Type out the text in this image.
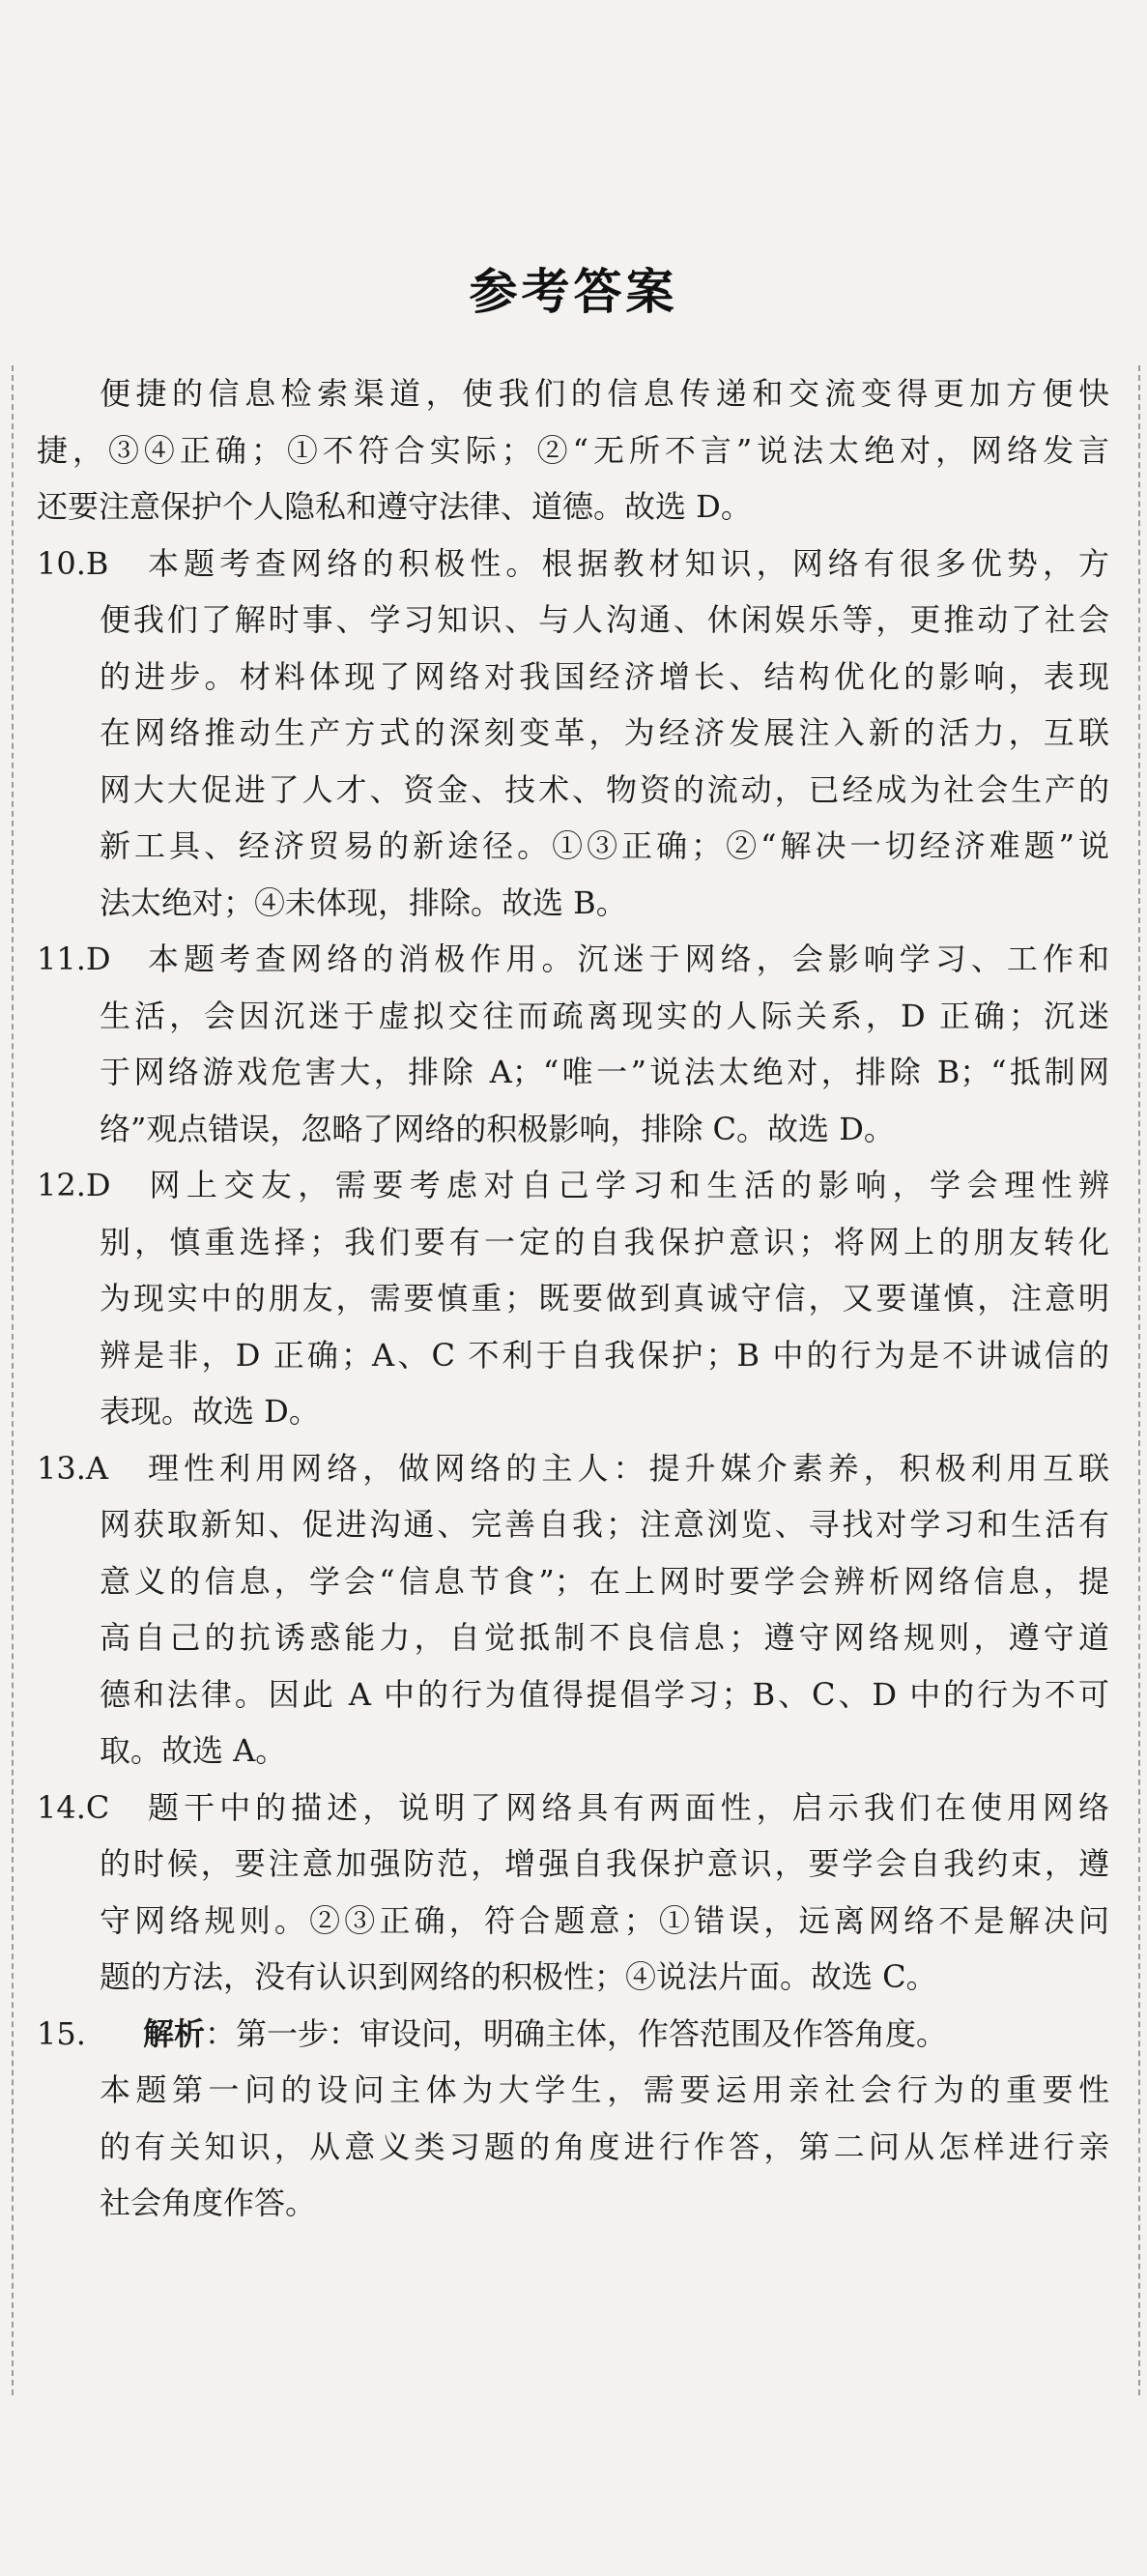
参考答案
便捷的信息检索渠道，使我们的信息传递和交流变得更加方便快
捷，③④正确；①不符合实际；②“无所不言”说法太绝对，网络发言
还要注意保护个人隐私和遵守法律、道德。故选 D。
10.B 本题考查网络的积极性。根据教材知识，网络有很多优势，方
便我们了解时事、学习知识、与人沟通、休闲娱乐等，更推动了社会
的进步。材料体现了网络对我国经济增长、结构优化的影响，表现
在网络推动生产方式的深刻变革，为经济发展注入新的活力，互联
网大大促进了人才、资金、技术、物资的流动，已经成为社会生产的
新工具、经济贸易的新途径。①③正确；②“解决一切经济难题”说
法太绝对；④未体现，排除。故选 B。
11.D 本题考查网络的消极作用。沉迷于网络，会影响学习、工作和
生活，会因沉迷于虚拟交往而疏离现实的人际关系，D 正确；沉迷
于网络游戏危害大，排除 A；“唯一”说法太绝对，排除 B；“抵制网
络”观点错误，忽略了网络的积极影响，排除 C。故选 D。
12.D 网上交友，需要考虑对自己学习和生活的影响，学会理性辨
别，慎重选择；我们要有一定的自我保护意识；将网上的朋友转化
为现实中的朋友，需要慎重；既要做到真诚守信，又要谨慎，注意明
辨是非，D 正确；A、C 不利于自我保护；B 中的行为是不讲诚信的
表现。故选 D。
13.A 理性利用网络，做网络的主人：提升媒介素养，积极利用互联
网获取新知、促进沟通、完善自我；注意浏览、寻找对学习和生活有
意义的信息，学会“信息节食”；在上网时要学会辨析网络信息，提
高自己的抗诱惑能力，自觉抵制不良信息；遵守网络规则，遵守道
德和法律。因此 A 中的行为值得提倡学习；B、C、D 中的行为不可
取。故选 A。
14.C 题干中的描述，说明了网络具有两面性，启示我们在使用网络
的时候，要注意加强防范，增强自我保护意识，要学会自我约束，遵
守网络规则。②③正确，符合题意；①错误，远离网络不是解决问
题的方法，没有认识到网络的积极性；④说法片面。故选 C。
15. 解析：第一步：审设问，明确主体，作答范围及作答角度。
本题第一问的设问主体为大学生，需要运用亲社会行为的重要性
的有关知识，从意义类习题的角度进行作答，第二问从怎样进行亲
社会角度作答。
